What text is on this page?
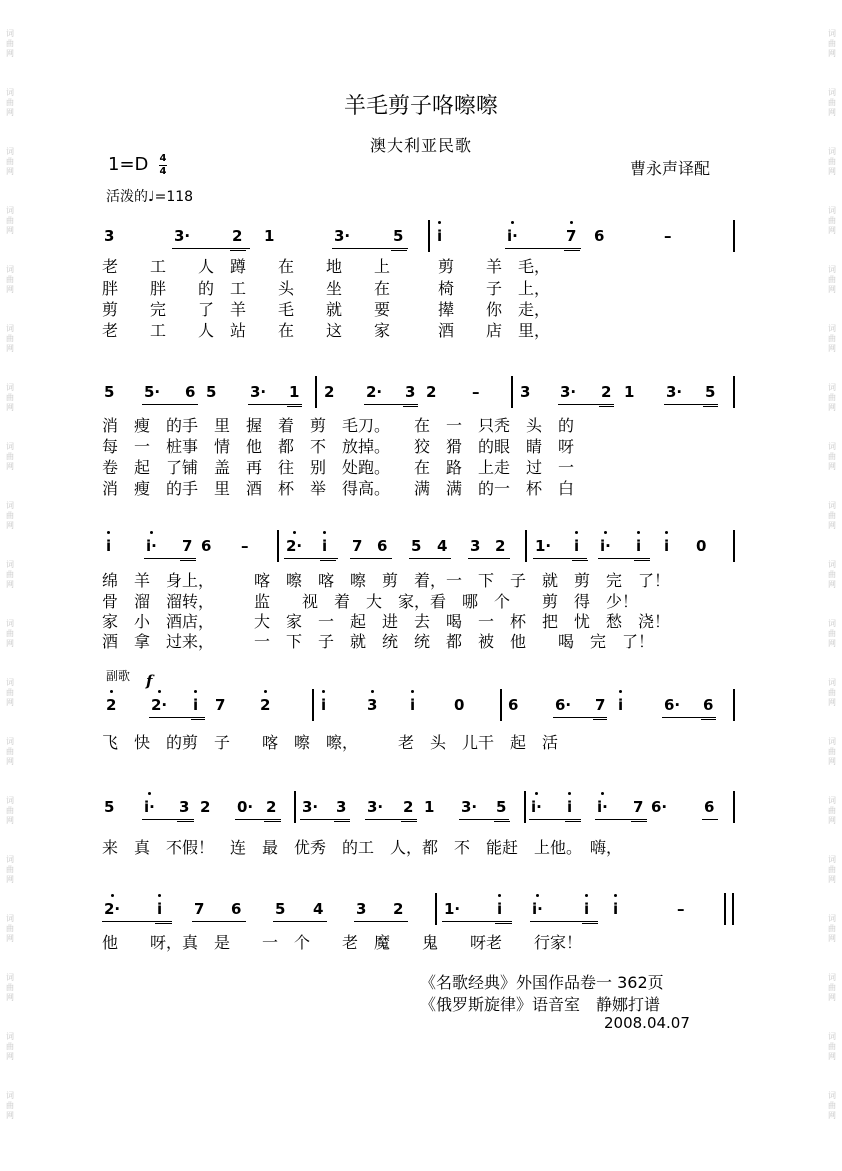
词曲网
词曲网
词曲网
词曲网
词曲网
词曲网
词曲网
词曲网
词曲网
词曲网
词曲网
词曲网
词曲网
词曲网
词曲网
词曲网
词曲网
词曲网
词曲网
词曲网
词曲网
词曲网
词曲网
词曲网
词曲网
词曲网
词曲网
词曲网
词曲网
词曲网
词曲网
词曲网
词曲网
词曲网
词曲网
词曲网
词曲网
词曲网
羊毛剪子咯嚓嚓
澳大利亚民歌
1=D 4
4	曹永声译配
活泼的♩=118
3	3·	2 1	3·	5 i	i·	7 6	–
老　　工　　人　蹲　　在　　地　　上　　　剪　　羊　毛，
胖　　胖　　的　工　　头　　坐　　在　　　椅　　子　上，
剪　　完　　了　羊　　毛　　就　　要　　　撵　　你　走，
老　　工　　人　站　　在　　这　　家　　　酒　　店　里，
5 5· 6 5 3· 1 2 2· 3 2 –	3 3· 2 1 3· 5
消　瘦　的手　里　握　着　剪　毛刀。　　在　一　只秃　头　的
每　一　桩事　情　他　都　不　放掉。　　狡　猾　的眼　睛　呀
卷　起　了铺　盖　再　往　别　处跑。　　在　路　上走　过　一
消　瘦　的手　里　酒　杯　举　得高。　　满　满　的一　杯　白
i i· 7 6 –	2· i 7 6 5 4 3 2 1· i i· i i 0
绵　羊　身上，　　　喀　嚓　喀　嚓　剪　着，一　下　子　就　剪　完　了！
骨　溜　溜转，　　　监　　视　着　大　家，看　哪　个　　剪　得　少！
家　小　酒店，　　　大　家　一　起　进　去　喝　一　杯　把　忧　愁　浇！
酒　拿　过来，　　　一　下　子　就　统　统　都　被　他　　喝　完　了！
副歌 f
2 2· i 7 2	i	3 i	0	6 6· 7 i	6· 6
飞　快　的剪　子　　喀　嚓　嚓，　　　老　头　儿干　起　活
5 i· 3 2 0· 2 3· 3 3· 2 1 3· 5 i· i i· 7 6· 6
来　真　不假！　连　最　优秀　的工　人，都　不　能赶　上他。　嗨，
2· i 7 6 5 4 3 2	1· i i·	i i	–
他　　呀，真　是　　一　个　　老　魔　　鬼　　呀老　　行家！
《名歌经典》外国作品卷一 362页
《俄罗斯旋律》语音室　静娜打谱
2008.04.07
